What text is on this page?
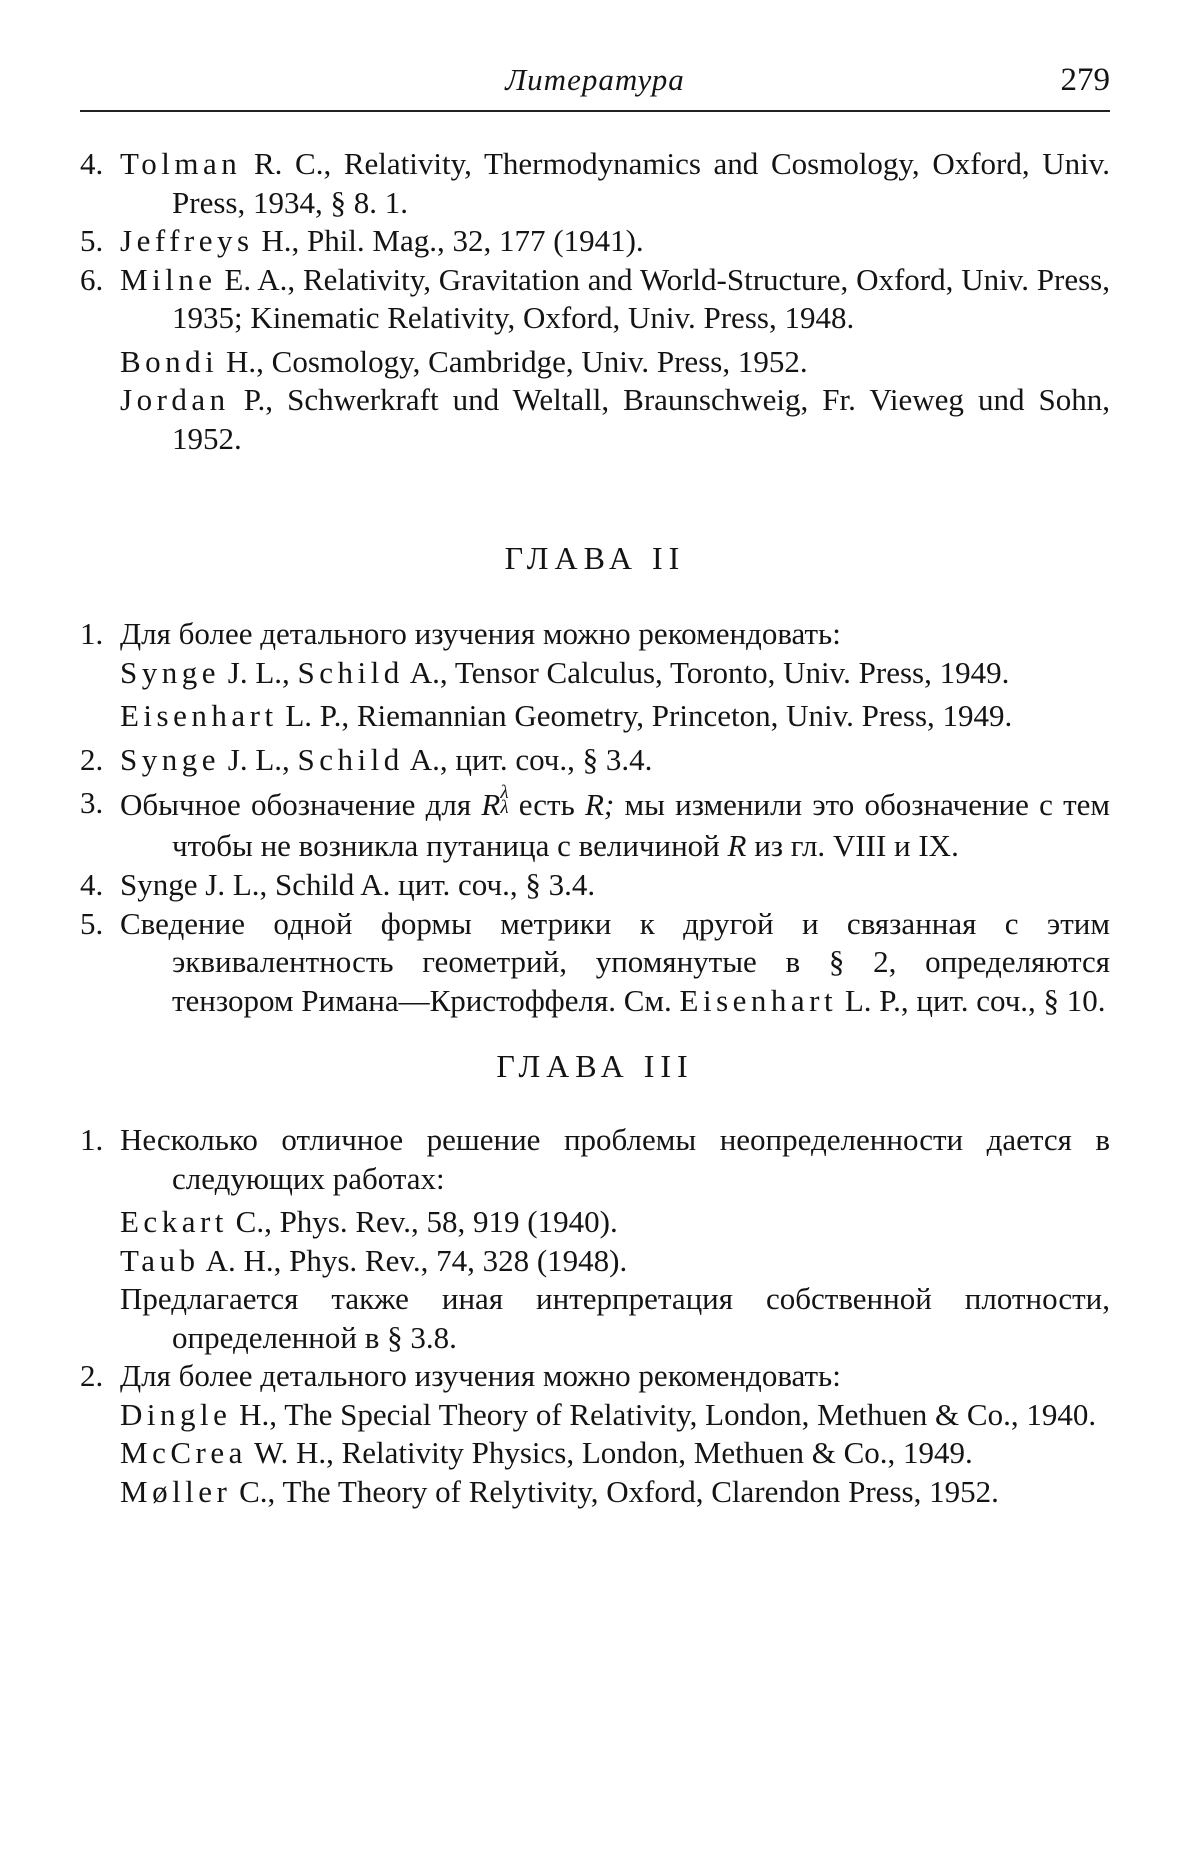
Литература	279
4. Tolman R. C., Relativity, Thermodynamics and Cosmology, Oxford, Univ. Press, 1934, § 8. 1.
5. Jeffreys H., Phil. Mag., 32, 177 (1941).
6. Milne E. A., Relativity, Gravitation and World-Structure, Oxford, Univ. Press, 1935; Kinematic Relativity, Oxford, Univ. Press, 1948.
Bondi H., Cosmology, Cambridge, Univ. Press, 1952.
Jordan P., Schwerkraft und Weltall, Braunschweig, Fr. Vieweg und Sohn, 1952.
ГЛАВА II
1. Для более детального изучения можно рекомендовать:
Synge J. L., Schild A., Tensor Calculus, Toronto, Univ. Press, 1949.
Eisenhart L. P., Riemannian Geometry, Princeton, Univ. Press, 1949.
2. Synge J. L., Schild A., цит. соч., § 3.4.
3. Обычное обозначение для R λ
λ есть R; мы изменили это обозначение с тем чтобы не возникла путаница с величиной R из гл. VIII и IX.
4. Synge J. L., Schild A. цит. соч., § 3.4.
5. Сведение одной формы метрики к другой и связанная с этим эквивалентность геометрий, упомянутые в § 2, определяются тензором Римана—Кристоффеля. См. Eisenhart L. P., цит. соч., § 10.
ГЛАВА III
1. Несколько отличное решение проблемы неопределенности дается в следующих работах:
Eckart C., Phys. Rev., 58, 919 (1940).
Taub A. H., Phys. Rev., 74, 328 (1948).
Предлагается также иная интерпретация собственной плотности, определенной в § 3.8.
2. Для более детального изучения можно рекомендовать:
Dingle H., The Special Theory of Relativity, London, Methuen & Co., 1940.
McCrea W. H., Relativity Physics, London, Methuen & Co., 1949.
Møller C., The Theory of Relytivity, Oxford, Clarendon Press, 1952.
